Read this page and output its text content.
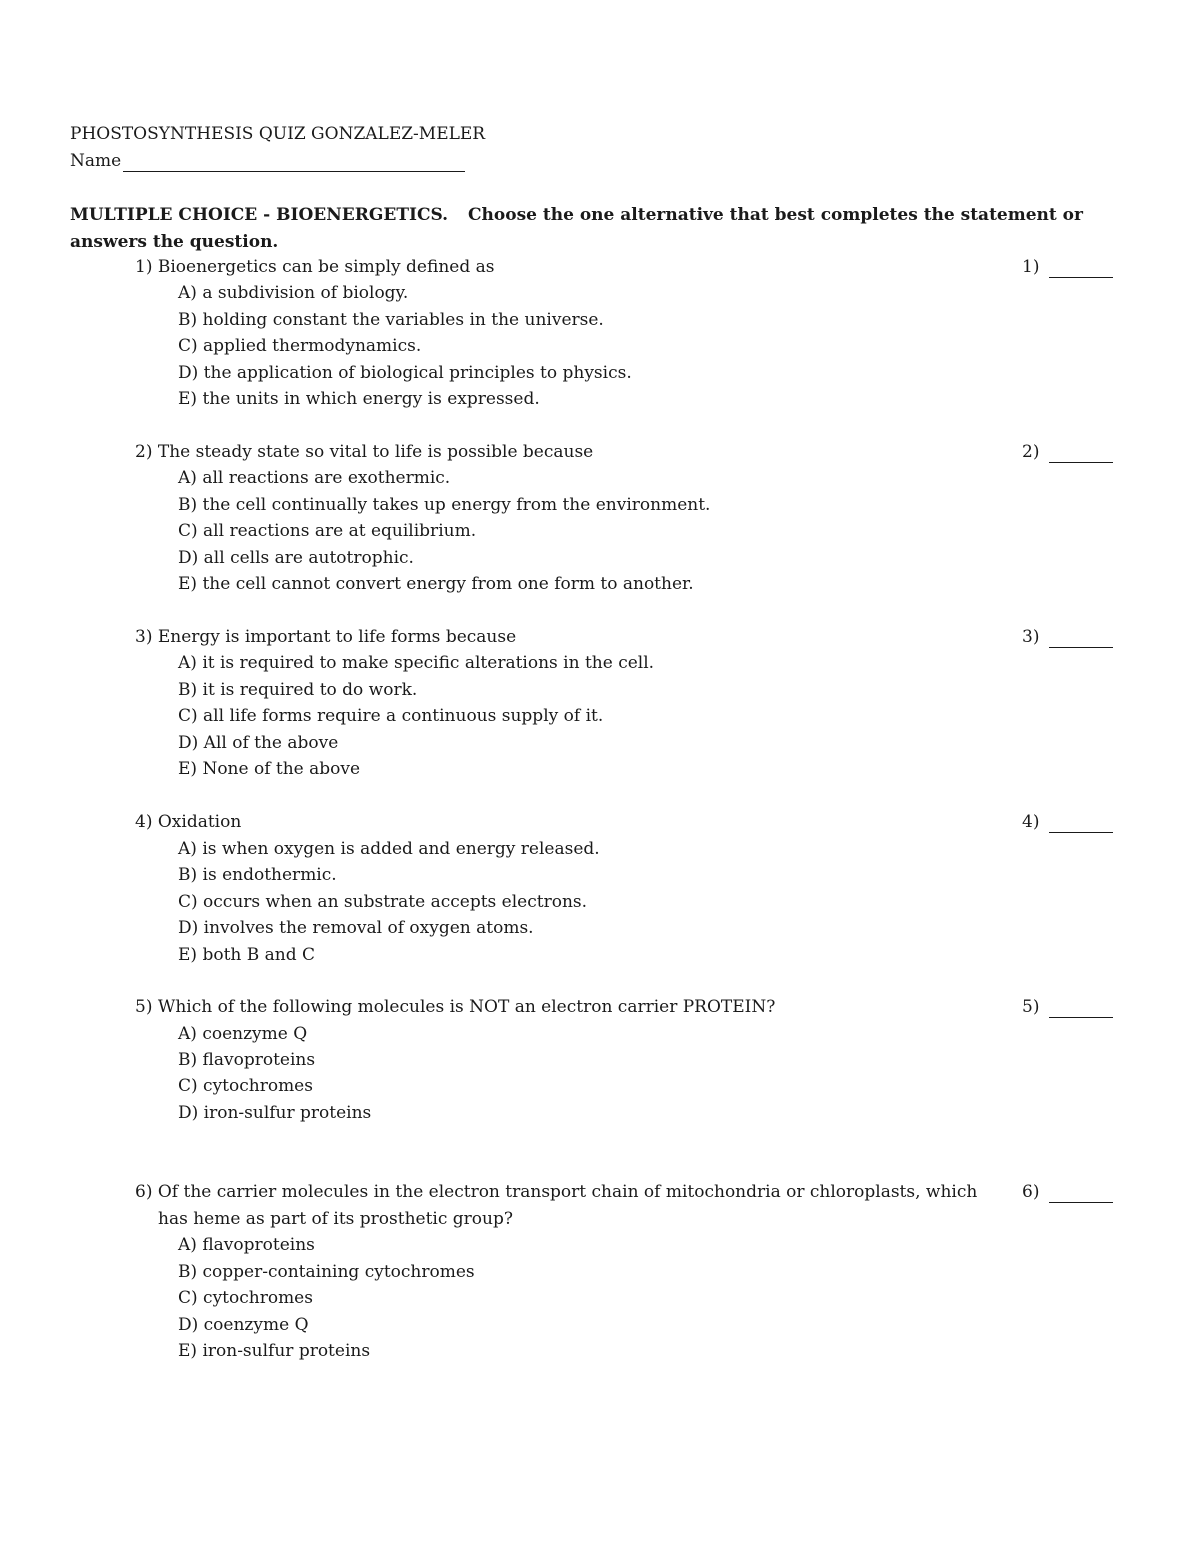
PHOSTOSYNTHESIS QUIZ GONZALEZ-MELER
Name
MULTIPLE CHOICE - BIOENERGETICS. Choose the one alternative that best completes the statement or answers the question.
1) Bioenergetics can be simply defined as	1)
A) a subdivision of biology.
B) holding constant the variables in the universe.
C) applied thermodynamics.
D) the application of biological principles to physics.
E) the units in which energy is expressed.
2) The steady state so vital to life is possible because	2)
A) all reactions are exothermic.
B) the cell continually takes up energy from the environment.
C) all reactions are at equilibrium.
D) all cells are autotrophic.
E) the cell cannot convert energy from one form to another.
3) Energy is important to life forms because	3)
A) it is required to make specific alterations in the cell.
B) it is required to do work.
C) all life forms require a continuous supply of it.
D) All of the above
E) None of the above
4) Oxidation	4)
A) is when oxygen is added and energy released.
B) is endothermic.
C) occurs when an substrate accepts electrons.
D) involves the removal of oxygen atoms.
E) both B and C
5) Which of the following molecules is NOT an electron carrier PROTEIN?	5)
A) coenzyme Q
B) flavoproteins
C) cytochromes
D) iron-sulfur proteins
6) Of the carrier molecules in the electron transport chain of mitochondria or chloroplasts, which
has heme as part of its prosthetic group?
6)
A) flavoproteins
B) copper-containing cytochromes
C) cytochromes
D) coenzyme Q
E) iron-sulfur proteins
